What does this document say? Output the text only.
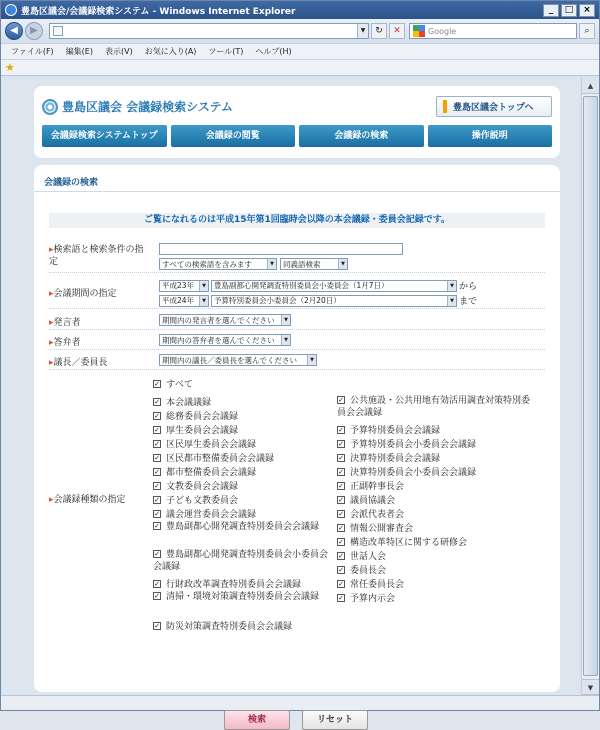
豊島区議会/会議録検索システム - Windows Internet Explorer	_	□	×
◀	▶	▼	↻	✕	Google	⌕
ファイル(F) 編集(E) 表示(V) お気に入り(A) ツール(T) ヘルプ(H)
★
豊島区議会 会議録検索システム	豊島区議会トップへ
会議録検索システムトップ	会議録の閲覧	会議録の検索	操作説明
会議録の検索
ご覧になれるのは平成15年第1回臨時会以降の本会議録・委員会記録です。
▸検索語と検索条件の指定	すべての検索語を含みます	▼ 同義語検索	▼
▸会議期間の指定
平成23年	▼ 豊島副都心開発調査特別委員会小委員会（1月7日）	▼ から
平成24年	▼ 予算特別委員会小委員会（2月20日）	▼ まで
▸発言者	期間内の発言者を選んでください	▼
▸答弁者	期間内の答弁者を選んでください	▼
▸議長／委員長	期間内の議長／委員長を選んでください	▼
▸会議録種類の指定
✓ すべて
✓ 本会議議録
✓ 総務委員会会議録
✓ 厚生委員会会議録
✓ 区民厚生委員会会議録
✓ 区民都市整備委員会会議録
✓ 都市整備委員会会議録
✓ 文教委員会会議録
✓ 子ども文教委員会
✓ 議会運営委員会会議録
✓ 豊島副都心開発調査特別委員会会議録
✓ 豊島副都心開発調査特別委員会小委員会会議録
✓ 行財政改革調査特別委員会会議録
✓ 清掃・環境対策調査特別委員会会議録
✓ 防災対策調査特別委員会会議録
✓ 公共施設・公共用地有効活用調査対策特別委員会会議録
✓ 予算特別委員会会議録
✓ 予算特別委員会小委員会会議録
✓ 決算特別委員会会議録
✓ 決算特別委員会小委員会会議録
✓ 正副幹事長会
✓ 議員協議会
✓ 会派代表者会
✓ 情報公開審査会
✓ 構造改革特区に関する研修会
✓ 世話人会
✓ 委員長会
✓ 常任委員長会
✓ 予算内示会
検索	リセット
▲
▼
